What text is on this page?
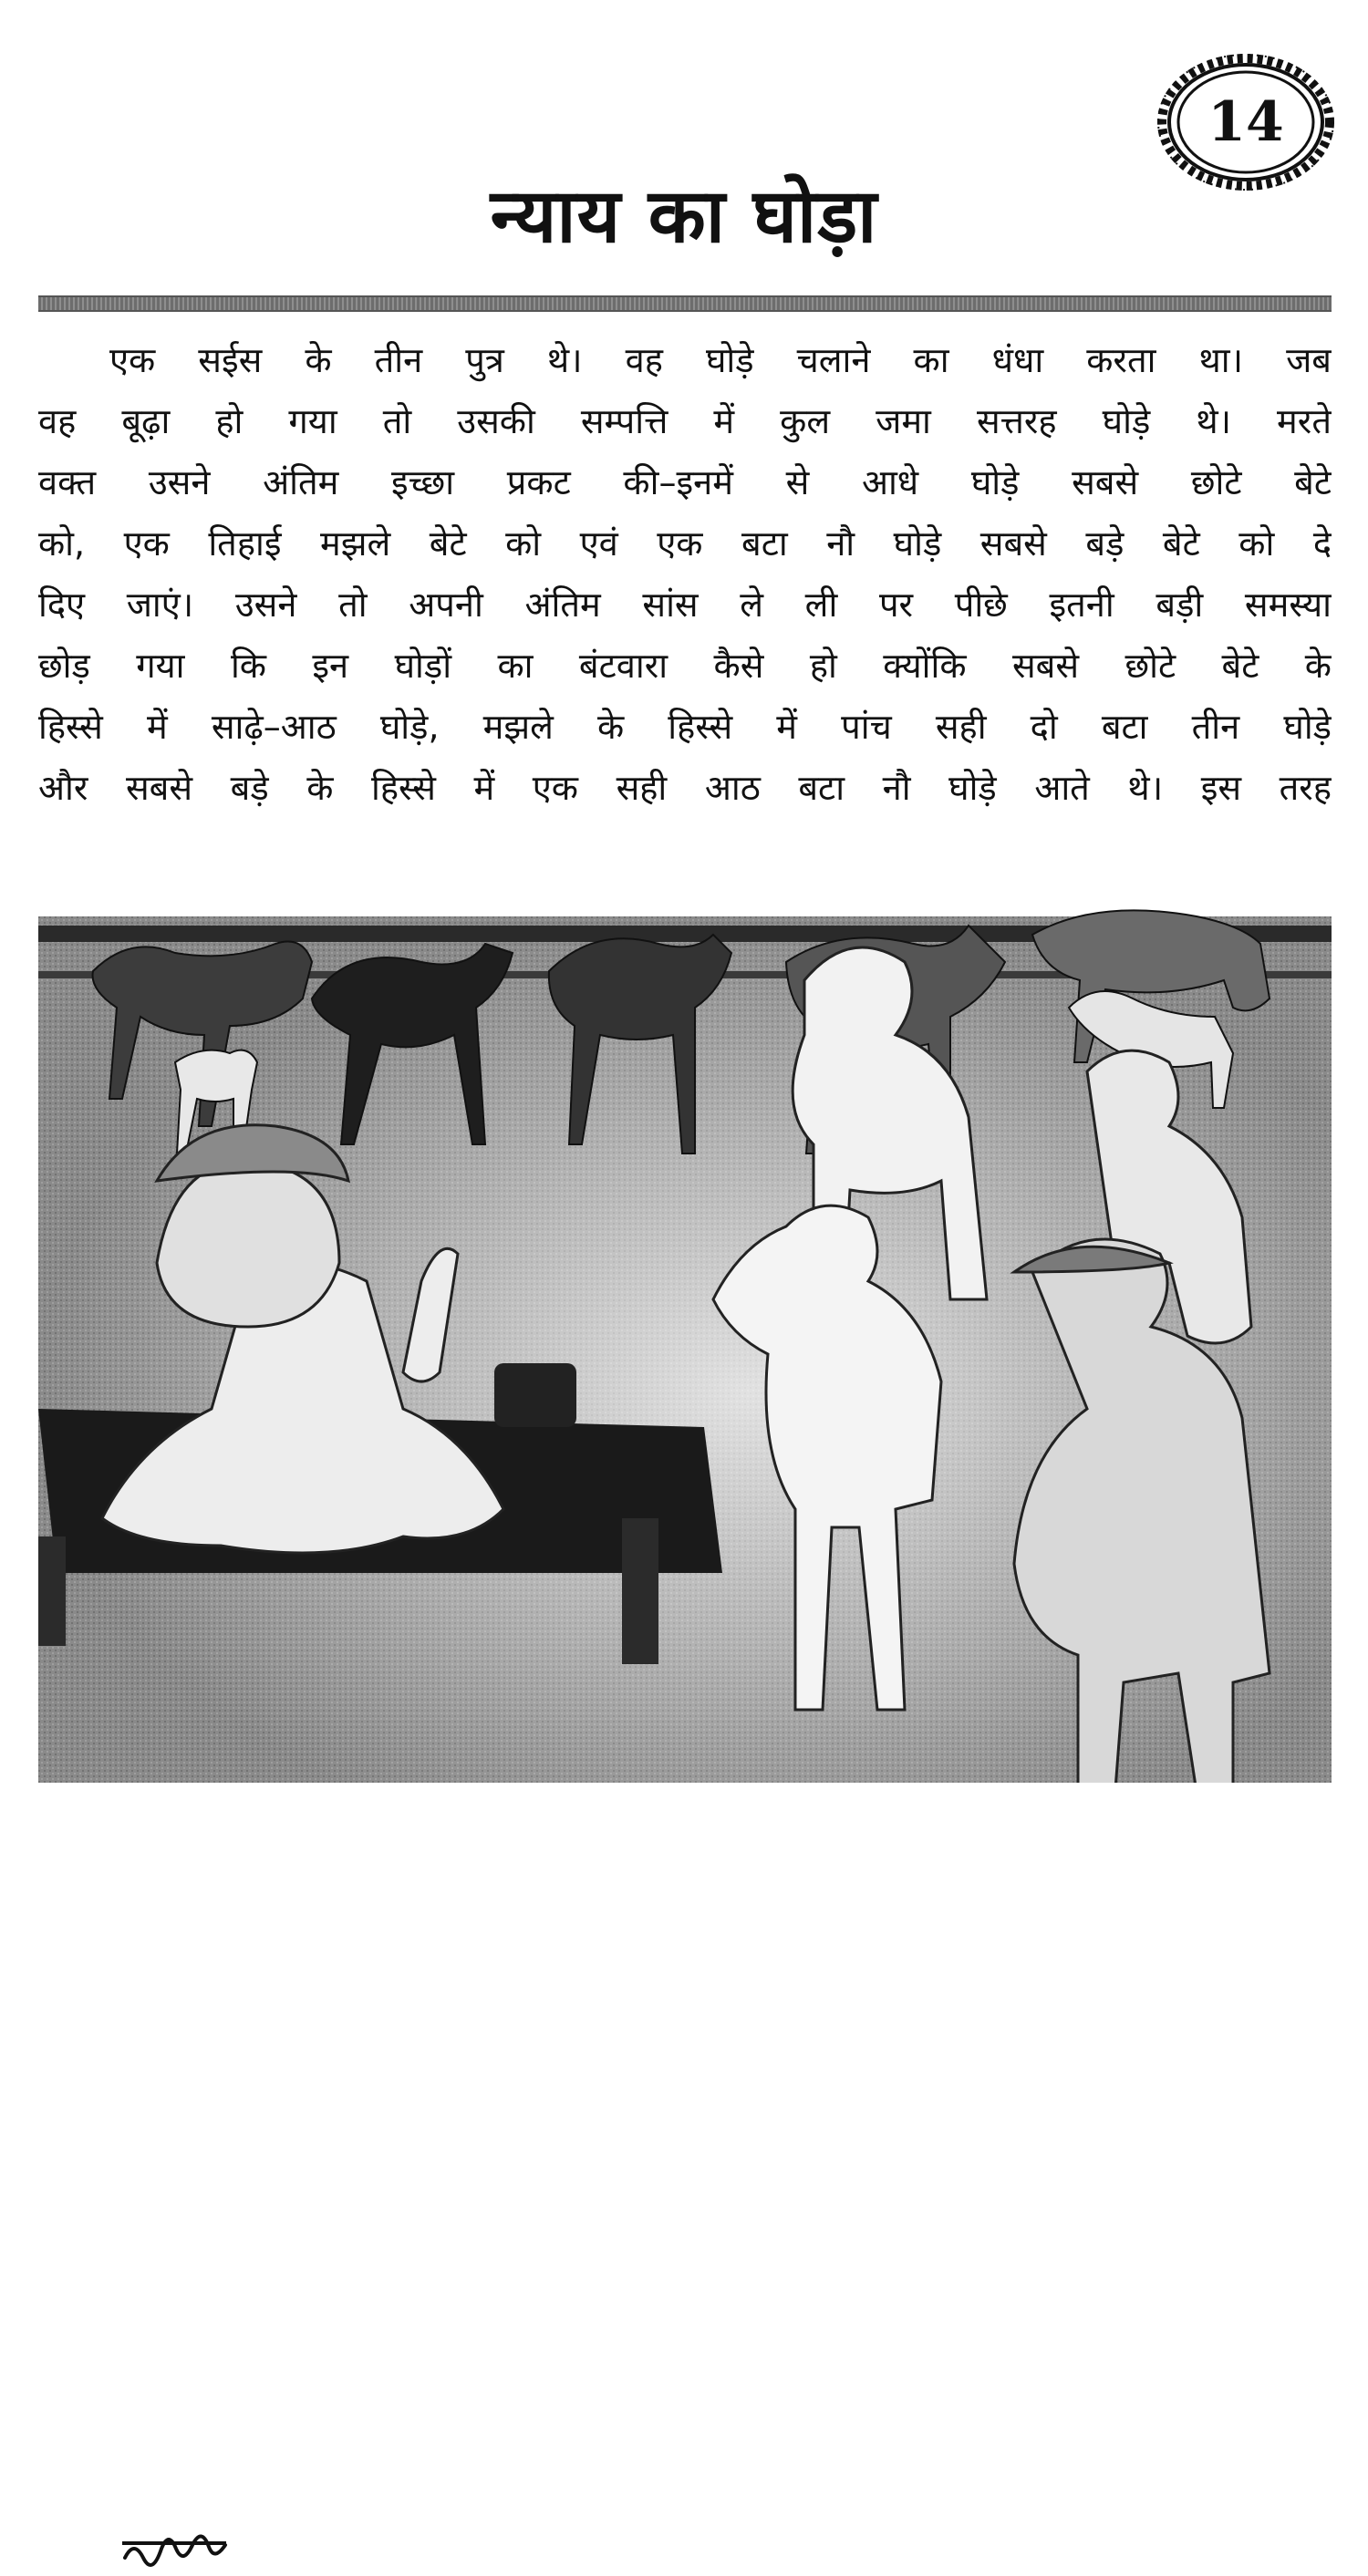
14
न्याय का घोड़ा
एक सईस के तीन पुत्र थे। वह घोड़े चलाने का धंधा करता था। जब
वह बूढ़ा हो गया तो उसकी सम्पत्ति में कुल जमा सत्तरह घोड़े थे। मरते
वक्त उसने अंतिम इच्छा प्रकट की–इनमें से आधे घोड़े सबसे छोटे बेटे
को, एक तिहाई मझले बेटे को एवं एक बटा नौ घोड़े सबसे बड़े बेटे को दे
दिए जाएं। उसने तो अपनी अंतिम सांस ले ली पर पीछे इतनी बड़ी समस्या
छोड़ गया कि इन घोड़ों का बंटवारा कैसे हो क्योंकि सबसे छोटे बेटे के
हिस्से में साढ़े–आठ घोड़े, मझले के हिस्से में पांच सही दो बटा तीन घोड़े
और सबसे बड़े के हिस्से में एक सही आठ बटा नौ घोड़े आते थे। इस तरह
